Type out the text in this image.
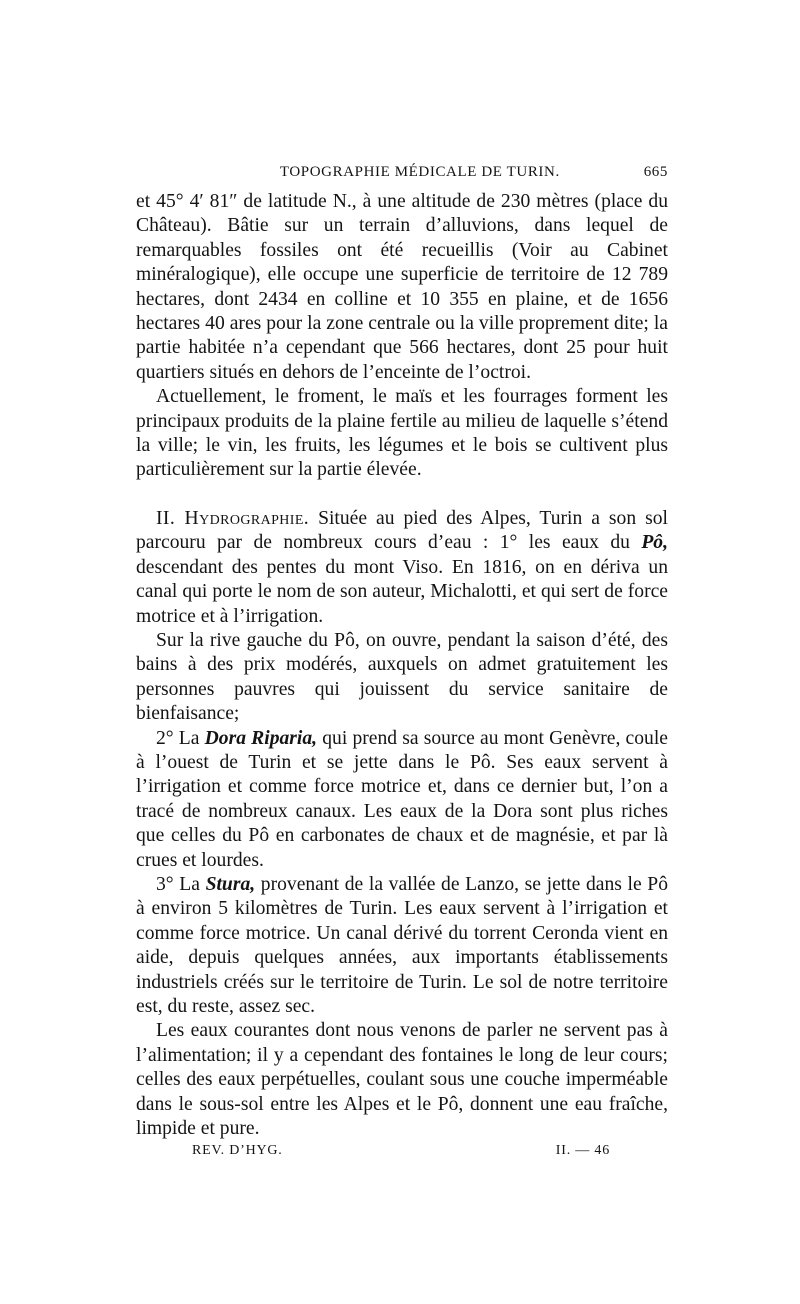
TOPOGRAPHIE MÉDICALE DE TURIN.	665

et 45° 4′ 81″ de latitude N., à une altitude de 230 mètres (place du Château). Bâtie sur un terrain d’alluvions, dans lequel de remarquables fossiles ont été recueillis (Voir au Cabinet minéralogique), elle occupe une superficie de territoire de 12 789 hectares, dont 2434 en colline et 10 355 en plaine, et de 1656 hectares 40 ares pour la zone centrale ou la ville proprement dite; la partie habitée n’a cependant que 566 hectares, dont 25 pour huit quartiers situés en dehors de l’enceinte de l’octroi.

Actuellement, le froment, le maïs et les fourrages forment les principaux produits de la plaine fertile au milieu de laquelle s’étend la ville; le vin, les fruits, les légumes et le bois se cultivent plus particulièrement sur la partie élevée.

II. Hydrographie. Située au pied des Alpes, Turin a son sol parcouru par de nombreux cours d’eau : 1° les eaux du Pô, descendant des pentes du mont Viso. En 1816, on en dériva un canal qui porte le nom de son auteur, Michalotti, et qui sert de force motrice et à l’irrigation.

Sur la rive gauche du Pô, on ouvre, pendant la saison d’été, des bains à des prix modérés, auxquels on admet gratuitement les personnes pauvres qui jouissent du service sanitaire de bienfaisance;

2° La Dora Riparia, qui prend sa source au mont Genèvre, coule à l’ouest de Turin et se jette dans le Pô. Ses eaux servent à l’irrigation et comme force motrice et, dans ce dernier but, l’on a tracé de nombreux canaux. Les eaux de la Dora sont plus riches que celles du Pô en carbonates de chaux et de magnésie, et par là crues et lourdes.

3° La Stura, provenant de la vallée de Lanzo, se jette dans le Pô à environ 5 kilomètres de Turin. Les eaux servent à l’irrigation et comme force motrice. Un canal dérivé du torrent Ceronda vient en aide, depuis quelques années, aux importants établissements industriels créés sur le territoire de Turin. Le sol de notre territoire est, du reste, assez sec.

Les eaux courantes dont nous venons de parler ne servent pas à l’alimentation; il y a cependant des fontaines le long de leur cours; celles des eaux perpétuelles, coulant sous une couche imperméable dans le sous-sol entre les Alpes et le Pô, donnent une eau fraîche, limpide et pure.

REV. D’HYG.	II. — 46
